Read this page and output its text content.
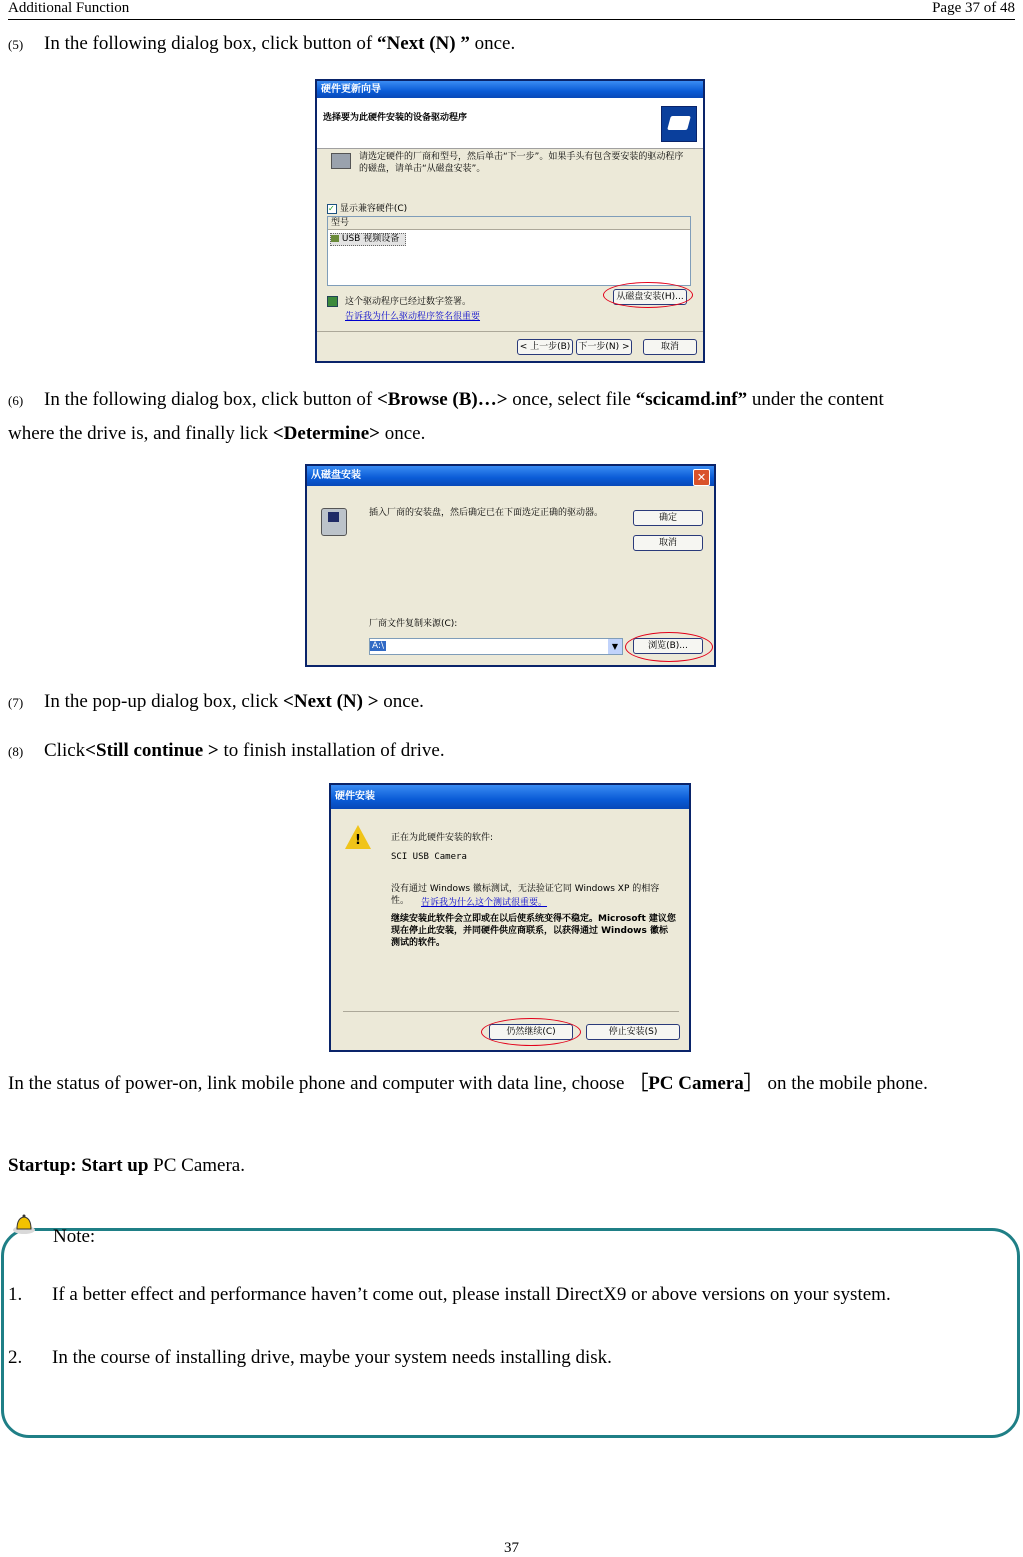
Additional Function	Page 37 of 48
(5) In the following dialog box, click button of “Next (N) ” once.
硬件更新向导
选择要为此硬件安装的设备驱动程序
请选定硬件的厂商和型号，然后单击“下一步”。如果手头有包含要安装的驱动程序的磁盘，请单击“从磁盘安装”。
✓ 显示兼容硬件(C)
型号
USB 视频设备
这个驱动程序已经过数字签署。
告诉我为什么驱动程序签名很重要
从磁盘安装(H)...
< 上一步(B) 下一步(N) >	取消
(6) In the following dialog box, click button of <Browse (B)…> once, select file “scicamd.inf” under the content
where the drive is, and finally lick <Determine> once.
从磁盘安装	✕
插入厂商的安装盘，然后确定已在下面选定正确的驱动器。	确定
取消
厂商文件复制来源(C):
A:\	▼	浏览(B)...
(7) In the pop-up dialog box, click <Next (N) > once.
(8) Click<Still continue > to finish installation of drive.
硬件安装
!	正在为此硬件安装的软件:
SCI USB Camera
没有通过 Windows 徽标测试，无法验证它同 Windows XP 的相容性。	告诉我为什么这个测试很重要。
继续安装此软件会立即或在以后使系统变得不稳定。Microsoft 建议您现在停止此安装，并同硬件供应商联系，以获得通过 Windows 徽标测试的软件。
仍然继续(C)	停止安装(S)
In the status of power-on, link mobile phone and computer with data line, choose ［PC Camera］ on the mobile phone.
Startup: Start up PC Camera.
Note:
1. If a better effect and performance haven’t come out, please install DirectX9 or above versions on your system.
2. In the course of installing drive, maybe your system needs installing disk.
37
